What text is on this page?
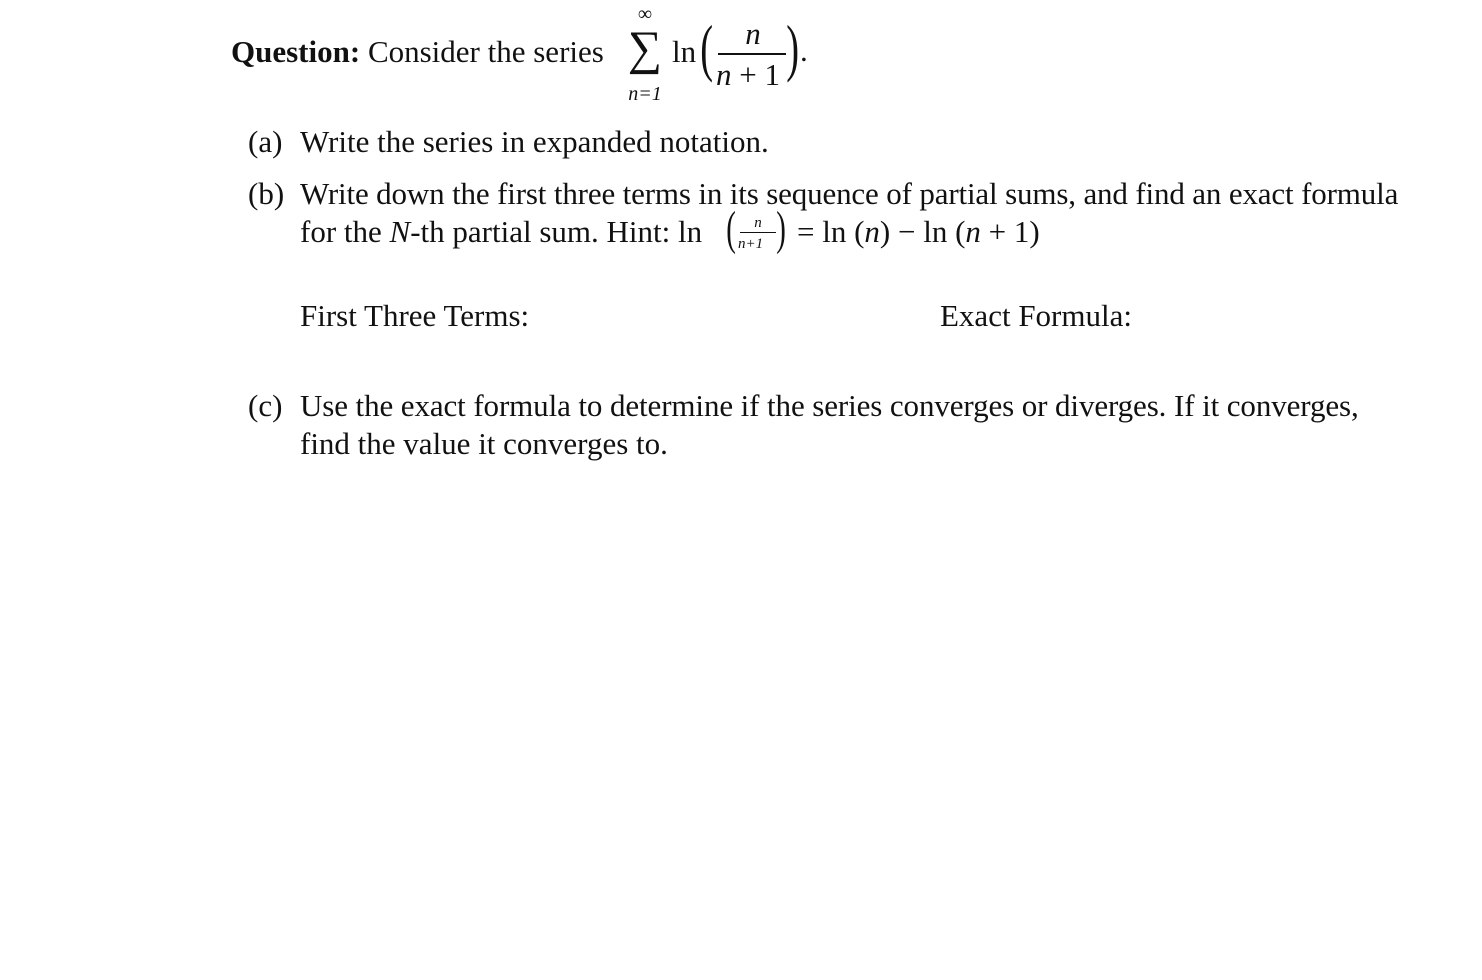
Question: Consider the series
∞
∑
n=1
ln ( n
n + 1 ) .
(a) Write the series in expanded notation.
(b) Write down the first three terms in its sequence of partial sums, and find an exact formula
for the N-th partial sum. Hint: ln (	n
n+1 ) = ln (n) − ln (n + 1)
First Three Terms:	Exact Formula:
(c) Use the exact formula to determine if the series converges or diverges. If it converges,
find the value it converges to.
